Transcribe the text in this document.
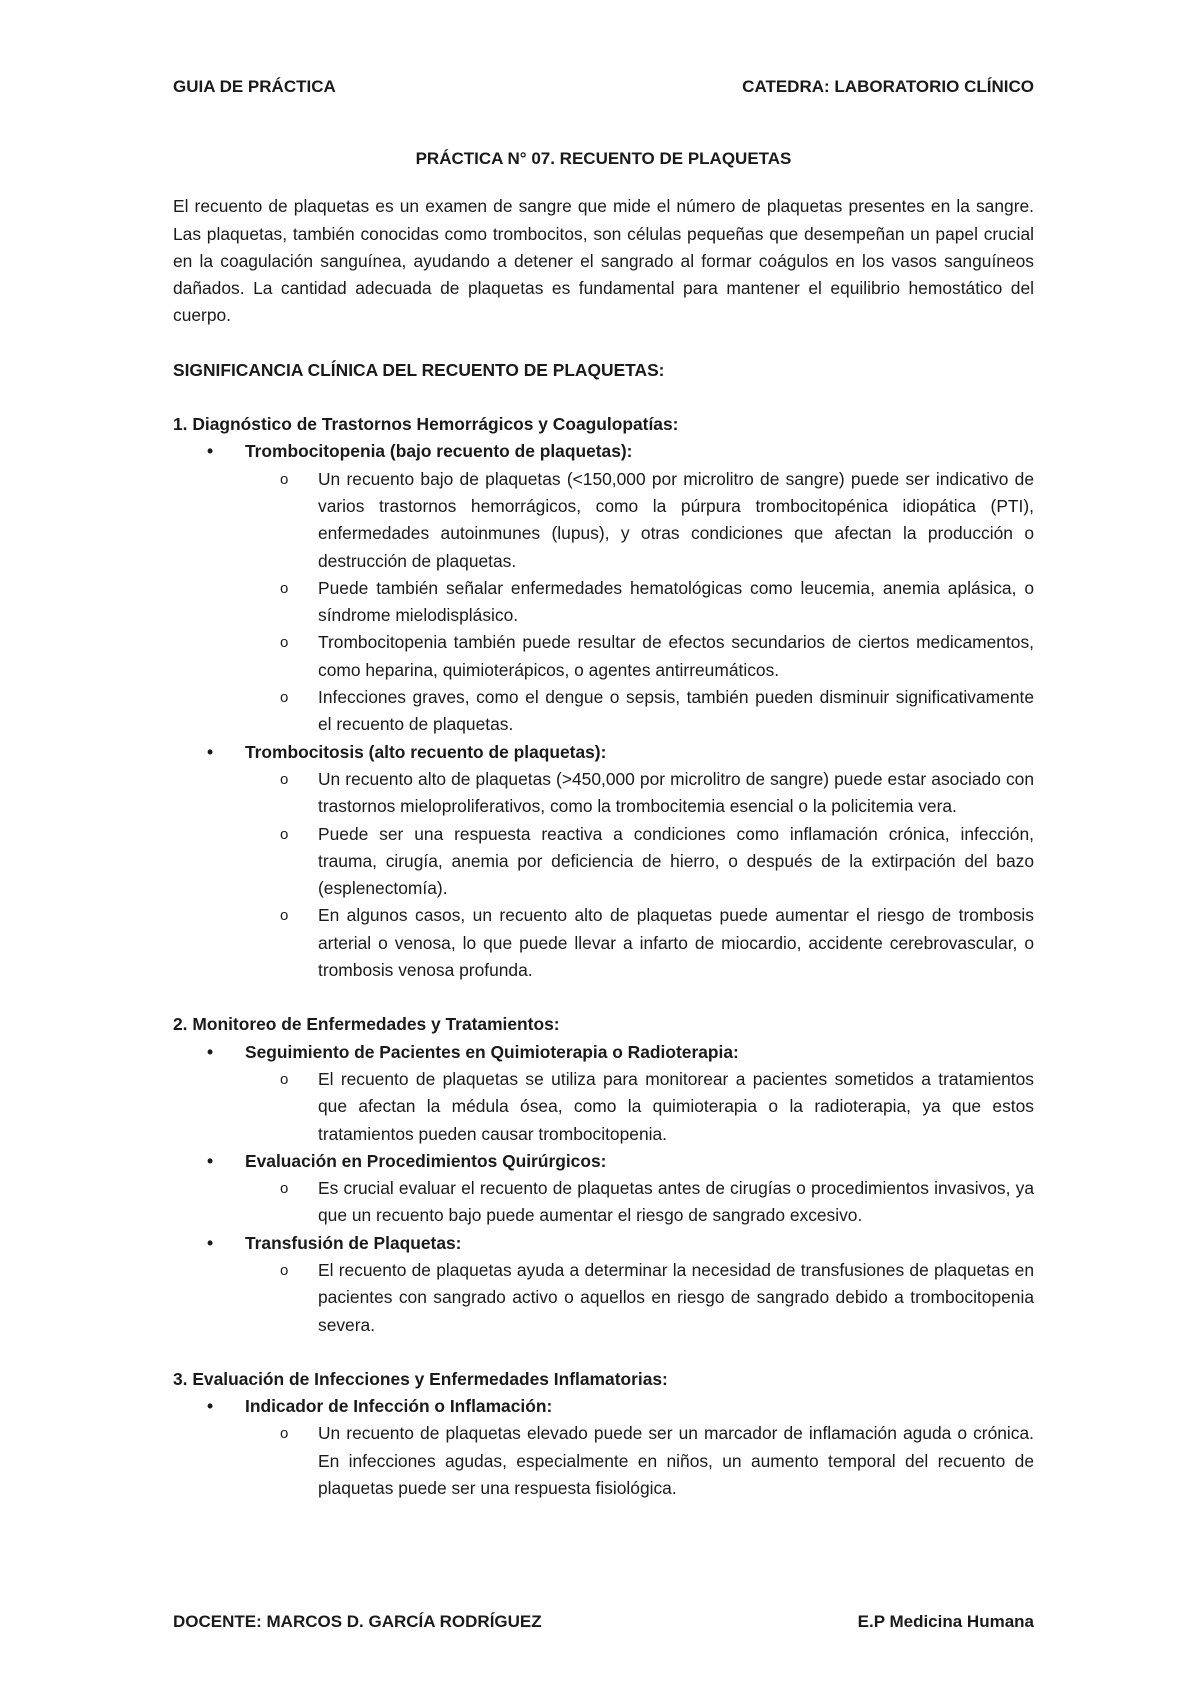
GUIA DE PRÁCTICA	CATEDRA: LABORATORIO CLÍNICO
PRÁCTICA N° 07. RECUENTO DE PLAQUETAS

El recuento de plaquetas es un examen de sangre que mide el número de plaquetas presentes en la sangre. Las plaquetas, también conocidas como trombocitos, son células pequeñas que desempeñan un papel crucial en la coagulación sanguínea, ayudando a detener el sangrado al formar coágulos en los vasos sanguíneos dañados. La cantidad adecuada de plaquetas es fundamental para mantener el equilibrio hemostático del cuerpo.

SIGNIFICANCIA CLÍNICA DEL RECUENTO DE PLAQUETAS:
1. Diagnóstico de Trastornos Hemorrágicos y Coagulopatías:
• Trombocitopenia (bajo recuento de plaquetas):
o Un recuento bajo de plaquetas (<150,000 por microlitro de sangre) puede ser indicativo de varios trastornos hemorrágicos, como la púrpura trombocitopénica idiopática (PTI), enfermedades autoinmunes (lupus), y otras condiciones que afectan la producción o destrucción de plaquetas.
o Puede también señalar enfermedades hematológicas como leucemia, anemia aplásica, o síndrome mielodisplásico.
o Trombocitopenia también puede resultar de efectos secundarios de ciertos medicamentos, como heparina, quimioterápicos, o agentes antirreumáticos.
o Infecciones graves, como el dengue o sepsis, también pueden disminuir significativamente el recuento de plaquetas.
• Trombocitosis (alto recuento de plaquetas):
o Un recuento alto de plaquetas (>450,000 por microlitro de sangre) puede estar asociado con trastornos mieloproliferativos, como la trombocitemia esencial o la policitemia vera.
o Puede ser una respuesta reactiva a condiciones como inflamación crónica, infección, trauma, cirugía, anemia por deficiencia de hierro, o después de la extirpación del bazo (esplenectomía).
o En algunos casos, un recuento alto de plaquetas puede aumentar el riesgo de trombosis arterial o venosa, lo que puede llevar a infarto de miocardio, accidente cerebrovascular, o trombosis venosa profunda.
2. Monitoreo de Enfermedades y Tratamientos:
• Seguimiento de Pacientes en Quimioterapia o Radioterapia:
o El recuento de plaquetas se utiliza para monitorear a pacientes sometidos a tratamientos que afectan la médula ósea, como la quimioterapia o la radioterapia, ya que estos tratamientos pueden causar trombocitopenia.
• Evaluación en Procedimientos Quirúrgicos:
o Es crucial evaluar el recuento de plaquetas antes de cirugías o procedimientos invasivos, ya que un recuento bajo puede aumentar el riesgo de sangrado excesivo.
• Transfusión de Plaquetas:
o El recuento de plaquetas ayuda a determinar la necesidad de transfusiones de plaquetas en pacientes con sangrado activo o aquellos en riesgo de sangrado debido a trombocitopenia severa.
3. Evaluación de Infecciones y Enfermedades Inflamatorias:
• Indicador de Infección o Inflamación:
o Un recuento de plaquetas elevado puede ser un marcador de inflamación aguda o crónica. En infecciones agudas, especialmente en niños, un aumento temporal del recuento de plaquetas puede ser una respuesta fisiológica.
DOCENTE: MARCOS D. GARCÍA RODRÍGUEZ	E.P Medicina Humana
